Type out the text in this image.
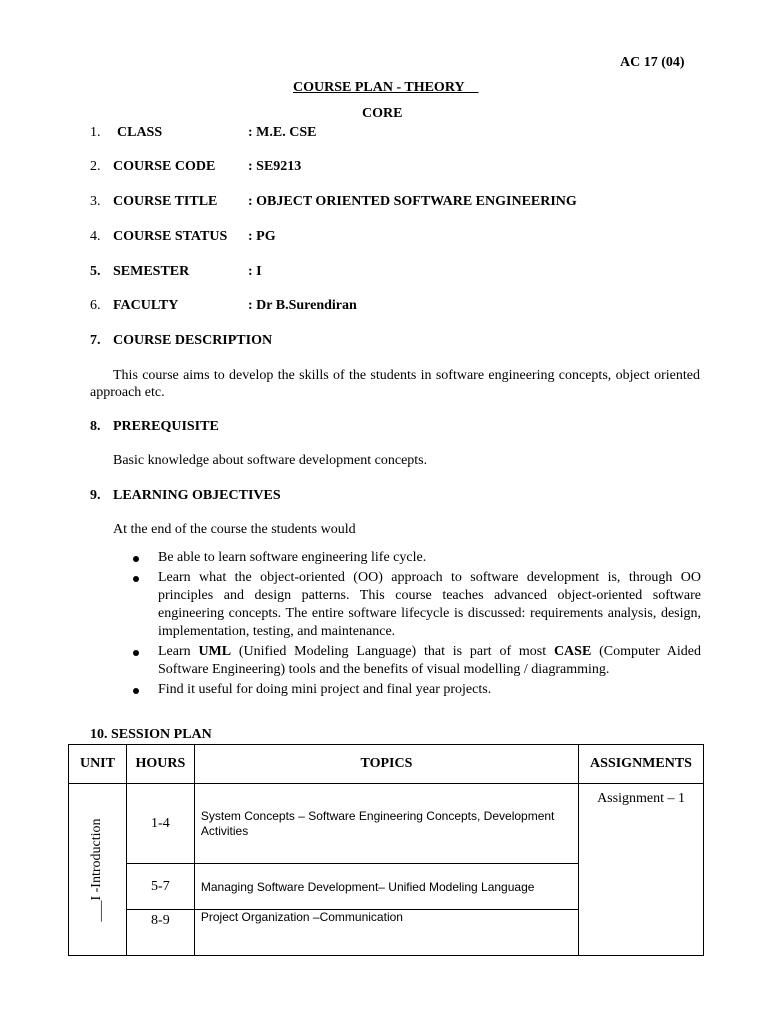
AC 17 (04)
COURSE PLAN - THEORY
CORE
1. CLASS	: M.E. CSE
2. COURSE CODE : SE9213
3. COURSE TITLE : OBJECT ORIENTED SOFTWARE ENGINEERING
4. COURSE STATUS : PG
5. SEMESTER	: I
6. FACULTY	: Dr B.Surendiran
7. COURSE DESCRIPTION
This course aims to develop the skills of the students in software engineering concepts, object oriented approach etc.
8. PREREQUISITE
Basic knowledge about software development concepts.
9. LEARNING OBJECTIVES
At the end of the course the students would
Be able to learn software engineering life cycle.
Learn what the object-oriented (OO) approach to software development is, through OO principles and design patterns. This course teaches advanced object-oriented software engineering concepts. The entire software lifecycle is discussed: requirements analysis, design, implementation, testing, and maintenance.
Learn UML (Unified Modeling Language) that is part of most CASE (Computer Aided Software Engineering) tools and the benefits of visual modelling / diagramming.
Find it useful for doing mini project and final year projects.
10. SESSION PLAN
UNIT	HOURS	TOPICS	ASSIGNMENTS

___I -Introduction	1-4	System Concepts – Software Engineering Concepts, Development Activities	Assignment – 1
	5-7	Managing Software Development– Unified Modeling Language	
	8-9	Project Organization –Communication	
